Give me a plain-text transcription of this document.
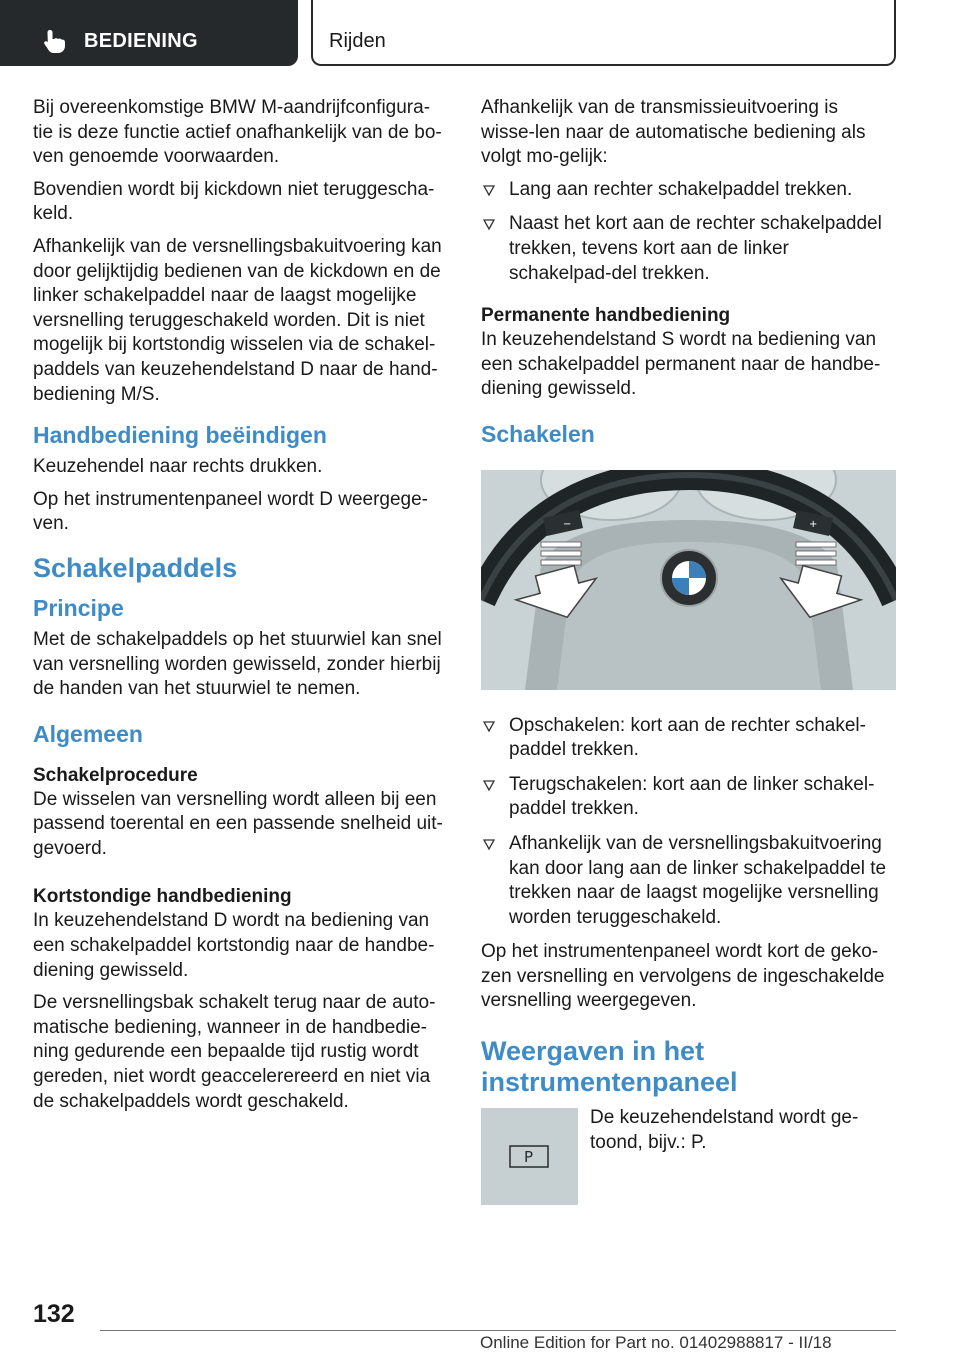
BEDIENING	Rijden

Bij overeenkomstige BMW M-aandrijfconfigura-tie is deze functie actief onafhankelijk van de bo-ven genoemde voorwaarden.

Bovendien wordt bij kickdown niet teruggescha-keld.

Afhankelijk van de versnellingsbakuitvoering kan door gelijktijdig bedienen van de kickdown en de linker schakelpaddel naar de laagst mogelijke versnelling teruggeschakeld worden. Dit is niet mogelijk bij kortstondig wisselen via de schakel-paddels van keuzehendelstand D naar de hand-bediening M/S.

Handbediening beëindigen

Keuzehendel naar rechts drukken.

Op het instrumentenpaneel wordt D weergege-ven.

Schakelpaddels
Principe

Met de schakelpaddels op het stuurwiel kan snel van versnelling worden gewisseld, zonder hierbij de handen van het stuurwiel te nemen.

Algemeen
Schakelprocedure

De wisselen van versnelling wordt alleen bij een passend toerental en een passende snelheid uit-gevoerd.

Kortstondige handbediening

In keuzehendelstand D wordt na bediening van een schakelpaddel kortstondig naar de handbe-diening gewisseld.

De versnellingsbak schakelt terug naar de auto-matische bediening, wanneer in de handbedie-ning gedurende een bepaalde tijd rustig wordt gereden, niet wordt geaccelerereerd en niet via de schakelpaddels wordt geschakeld.

Afhankelijk van de transmissieuitvoering is wisse-len naar de automatische bediening als volgt mo-gelijk:

Lang aan rechter schakelpaddel trekken.
Naast het kort aan de rechter schakelpaddel trekken, tevens kort aan de linker schakelpad-del trekken.
Permanente handbediening

In keuzehendelstand S wordt na bediening van een schakelpaddel permanent naar de handbe-diening gewisseld.

Schakelen
−	+
Opschakelen: kort aan de rechter schakel-paddel trekken.
Terugschakelen: kort aan de linker schakel-paddel trekken.
Afhankelijk van de versnellingsbakuitvoering kan door lang aan de linker schakelpaddel te trekken naar de laagst mogelijke versnelling worden teruggeschakeld.

Op het instrumentenpaneel wordt kort de geko-zen versnelling en vervolgens de ingeschakelde versnelling weergegeven.

Weergaven in het instrumentenpaneel
P

De keuzehendelstand wordt ge-toond, bijv.: P.

132
Online Edition for Part no. 01402988817 - II/18
